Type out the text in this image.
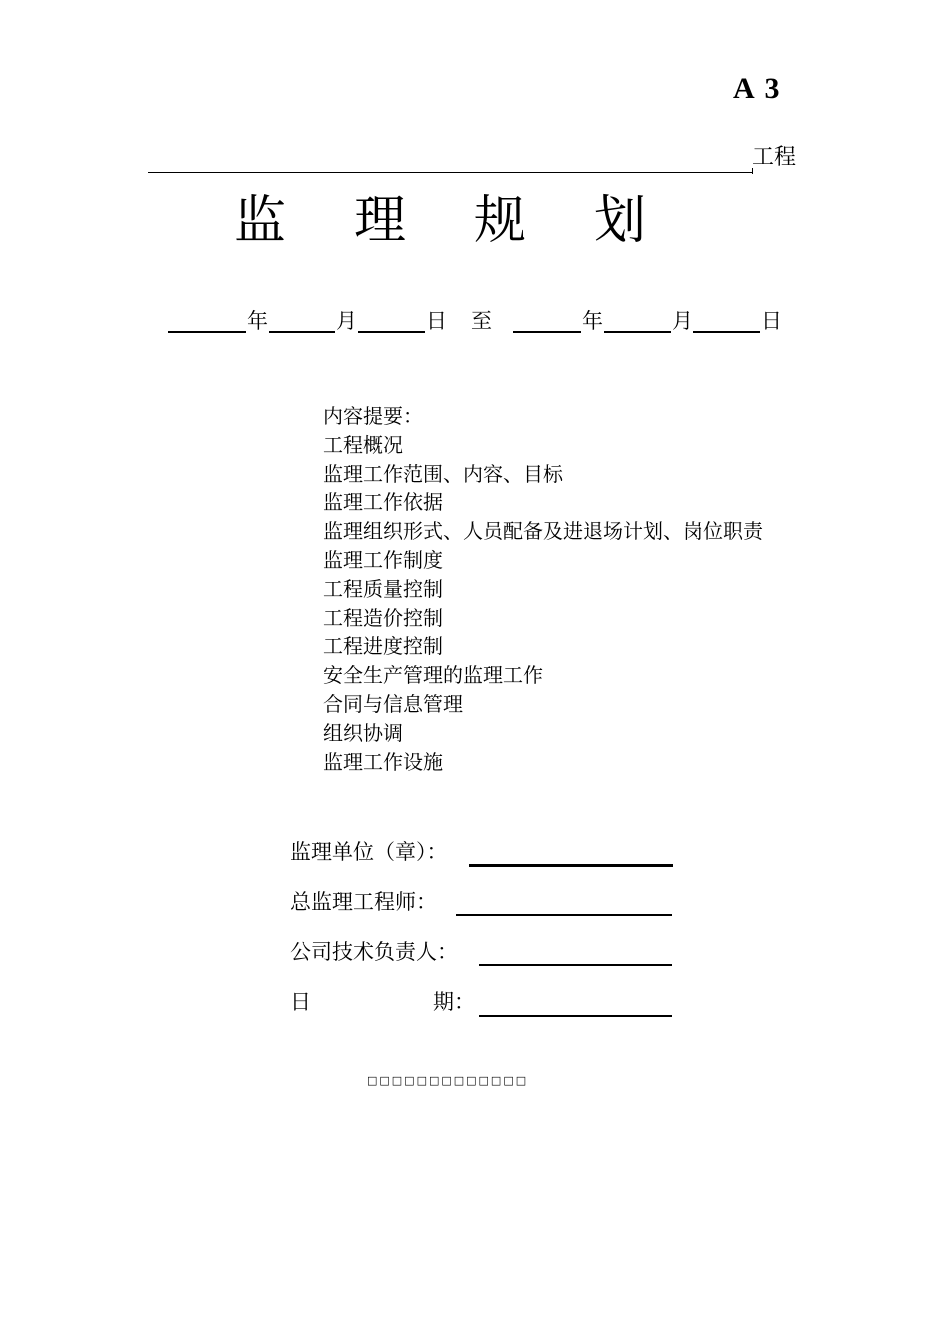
A 3
工程
监理规划
年	月	日 至	年	月	日
内容提要：
工程概况
监理工作范围、内容、目标
监理工作依据
监理组织形式、人员配备及进退场计划、岗位职责
监理工作制度
工程质量控制
工程造价控制
工程进度控制
安全生产管理的监理工作
合同与信息管理
组织协调
监理工作设施
监理单位（章）：
总监理工程师：
公司技术负责人：
日	期：
□□□□□□□□□□□□□
